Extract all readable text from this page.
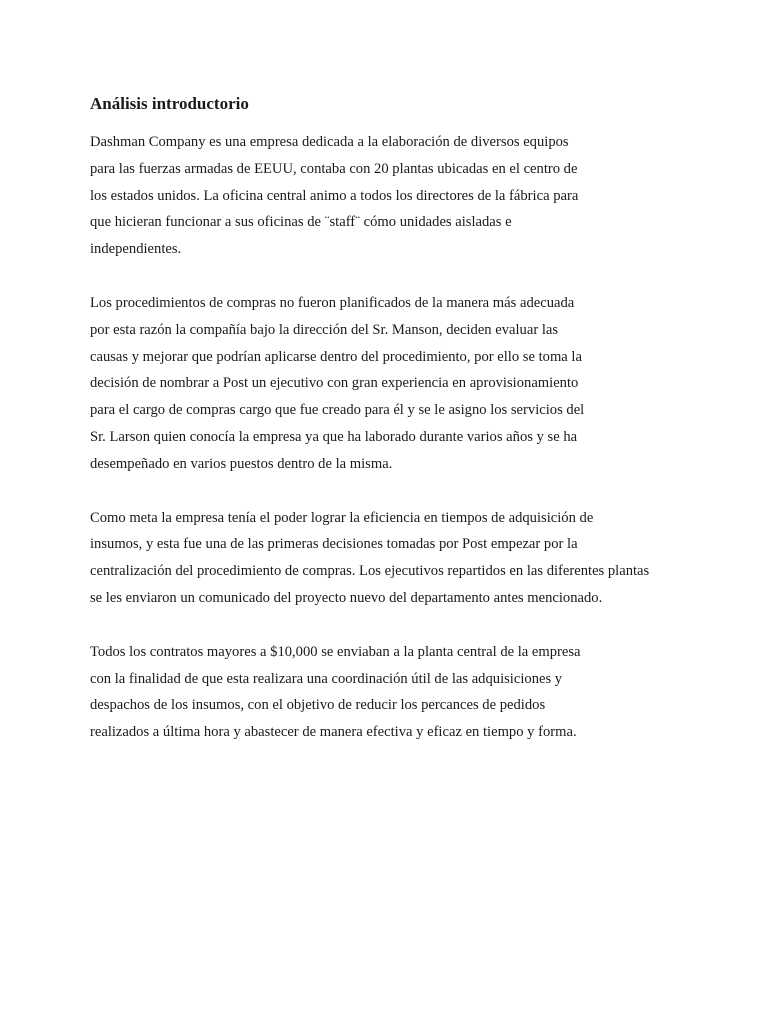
Análisis introductorio
Dashman Company es una empresa dedicada a la elaboración de diversos equipos
para las fuerzas armadas de EEUU, contaba con 20 plantas ubicadas en el centro de
los estados unidos. La oficina central animo a todos los directores de la fábrica para
que hicieran funcionar a sus oficinas de ¨staff¨ cómo unidades aisladas e
independientes.
Los procedimientos de compras no fueron planificados de la manera más adecuada
por esta razón la compañía bajo la dirección del Sr. Manson, deciden evaluar las
causas y mejorar que podrían aplicarse dentro del procedimiento, por ello se toma la
decisión de nombrar a Post un ejecutivo con gran experiencia en aprovisionamiento
para el cargo de compras cargo que fue creado para él y se le asigno los servicios del
Sr. Larson quien conocía la empresa ya que ha laborado durante varios años y se ha
desempeñado en varios puestos dentro de la misma.
Como meta la empresa tenía el poder lograr la eficiencia en tiempos de adquisición de
insumos, y esta fue una de las primeras decisiones tomadas por Post empezar por la
centralización del procedimiento de compras. Los ejecutivos repartidos en las diferentes plantas
se les enviaron un comunicado del proyecto nuevo del departamento antes mencionado.
Todos los contratos mayores a $10,000 se enviaban a la planta central de la empresa
con la finalidad de que esta realizara una coordinación útil de las adquisiciones y
despachos de los insumos, con el objetivo de reducir los percances de pedidos
realizados a última hora y abastecer de manera efectiva y eficaz en tiempo y forma.
